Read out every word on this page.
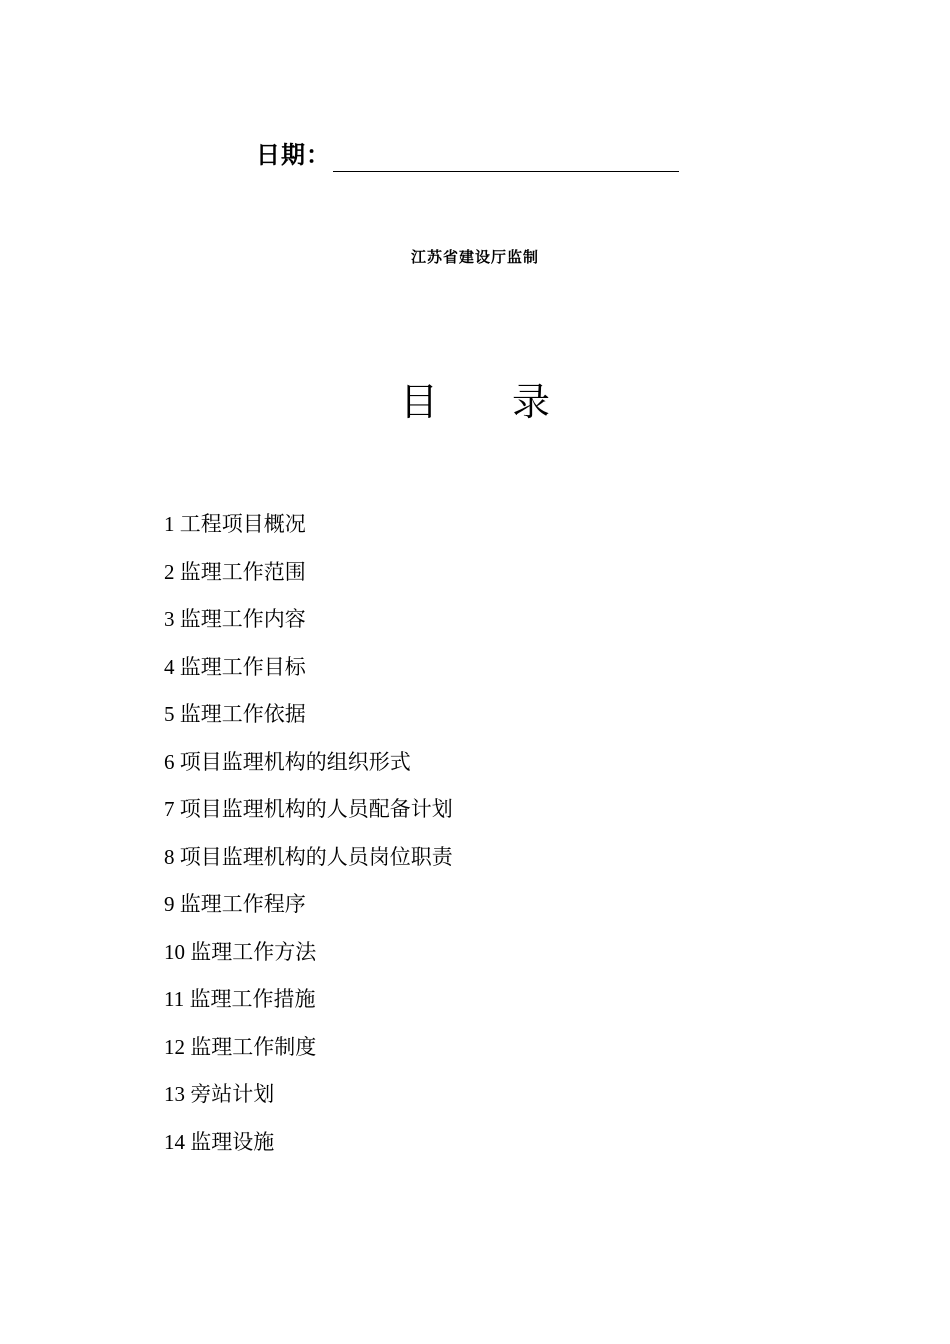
日期：
江苏省建设厅监制
目 录
1 工程项目概况
2 监理工作范围
3 监理工作内容
4 监理工作目标
5 监理工作依据
6 项目监理机构的组织形式
7 项目监理机构的人员配备计划
8 项目监理机构的人员岗位职责
9 监理工作程序
10 监理工作方法
11 监理工作措施
12 监理工作制度
13 旁站计划
14 监理设施
